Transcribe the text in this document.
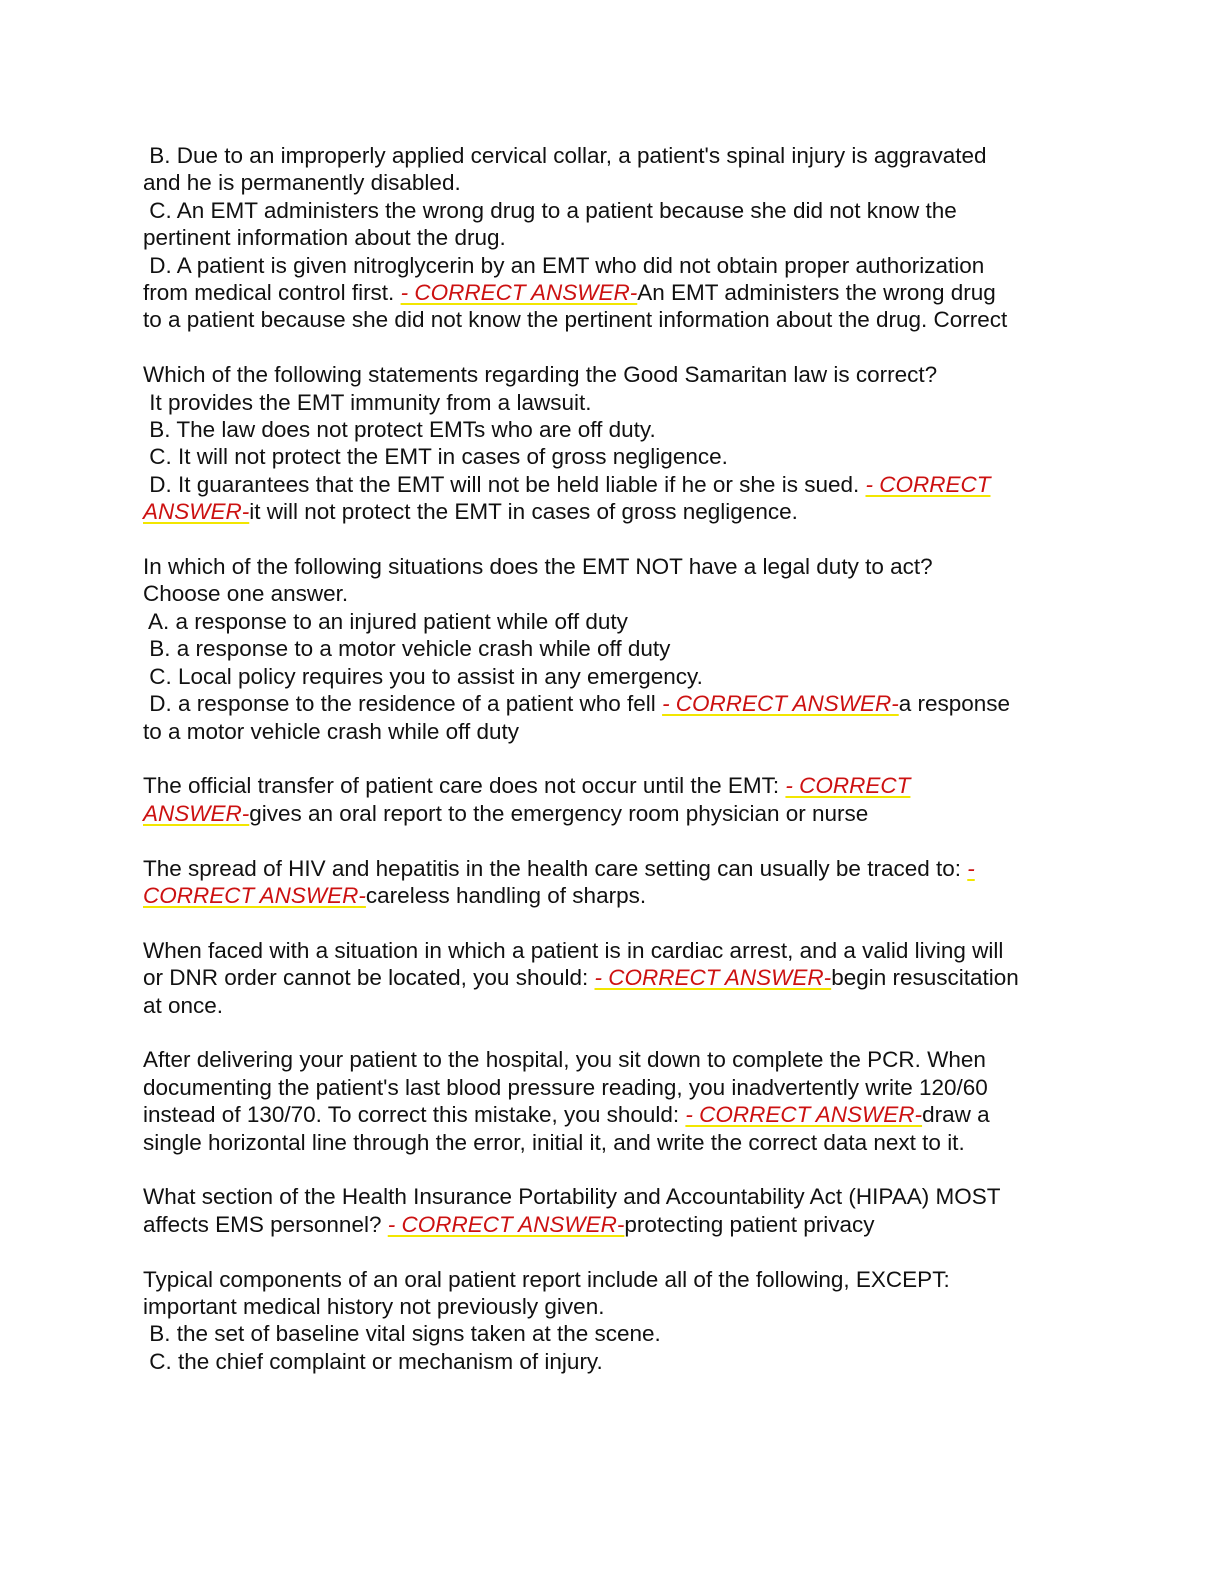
B. Due to an improperly applied cervical collar, a patient's spinal injury is aggravated
and he is permanently disabled.
C. An EMT administers the wrong drug to a patient because she did not know the
pertinent information about the drug.
D. A patient is given nitroglycerin by an EMT who did not obtain proper authorization
from medical control first. - CORRECT ANSWER-An EMT administers the wrong drug
to a patient because she did not know the pertinent information about the drug. Correct
Which of the following statements regarding the Good Samaritan law is correct?
It provides the EMT immunity from a lawsuit.
B. The law does not protect EMTs who are off duty.
C. It will not protect the EMT in cases of gross negligence.
D. It guarantees that the EMT will not be held liable if he or she is sued. - CORRECT
ANSWER-it will not protect the EMT in cases of gross negligence.
In which of the following situations does the EMT NOT have a legal duty to act?
Choose one answer.
A. a response to an injured patient while off duty
B. a response to a motor vehicle crash while off duty
C. Local policy requires you to assist in any emergency.
D. a response to the residence of a patient who fell - CORRECT ANSWER-a response
to a motor vehicle crash while off duty
The official transfer of patient care does not occur until the EMT: - CORRECT
ANSWER-gives an oral report to the emergency room physician or nurse
The spread of HIV and hepatitis in the health care setting can usually be traced to: -
CORRECT ANSWER-careless handling of sharps.
When faced with a situation in which a patient is in cardiac arrest, and a valid living will
or DNR order cannot be located, you should: - CORRECT ANSWER-begin resuscitation
at once.
After delivering your patient to the hospital, you sit down to complete the PCR. When
documenting the patient's last blood pressure reading, you inadvertently write 120/60
instead of 130/70. To correct this mistake, you should: - CORRECT ANSWER-draw a
single horizontal line through the error, initial it, and write the correct data next to it.
What section of the Health Insurance Portability and Accountability Act (HIPAA) MOST
affects EMS personnel? - CORRECT ANSWER-protecting patient privacy
Typical components of an oral patient report include all of the following, EXCEPT:
important medical history not previously given.
B. the set of baseline vital signs taken at the scene.
C. the chief complaint or mechanism of injury.
